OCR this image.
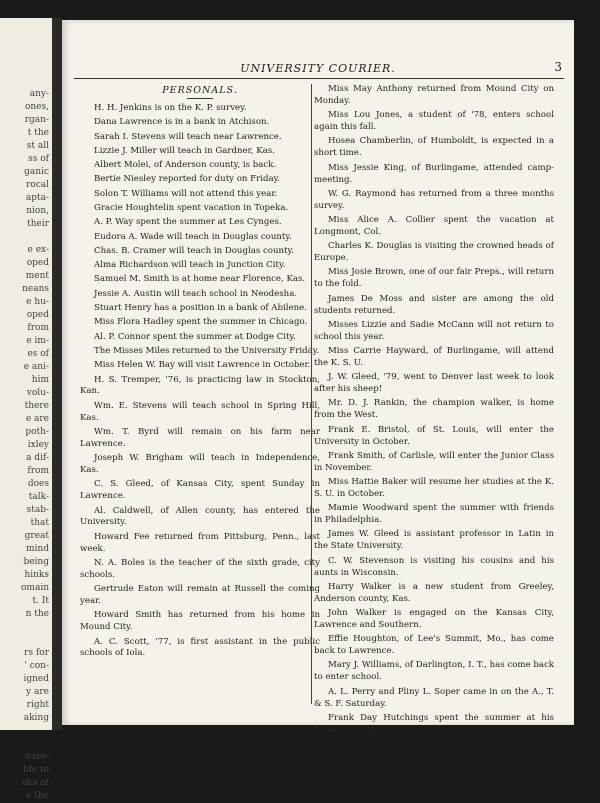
any-
ones,
rgan-
t the
st all
ss of
ganic
rocal
apta-
nion,
their

e ex-
oped
ment
neans
e hu-
oped
from
e im-
es of
e ani-
him
volu-
there
e are
poth-
ixley
a dif-
from
does
talk-
stab-
that
great
mind
being
hinks
omain
t. It
n the

rs for
' con-
igned
y are
right
aking

care-
ble to
eks of
e the
UNIVERSITY COURIER.	3
PERSONALS.
H. H. Jenkins is on the K. P. survey.
Dana Lawrence is in a bank in Atchison.
Sarah I. Stevens will teach near Lawrence.
Lizzie J. Miller will teach in Gardner, Kas.
Albert Molei, of Anderson county, is back.
Bertie Niesley reported for duty on Friday.
Solon T. Williams will not attend this year.
Gracie Houghtelin spent vacation in Topeka.
A. P. Way spent the summer at Les Cynges.
Eudora A. Wade will teach in Douglas county.
Chas. B. Cramer will teach in Douglas county.
Alma Richardson will teach in Junction City.
Samuel M. Smith is at home near Florence, Kas.
Jessie A. Austin will teach school in Neodesha.
Stuart Henry has a position in a bank of Abilene.
Miss Flora Hadley spent the summer in Chicago.
Al. P. Connor spent the summer at Dodge City.
The Misses Miles returned to the University Friday.
Miss Helen W. Bay will visit Lawrence in October.
H. S. Tremper, '76, is practicing law in Stockton, Kan.
Wm. E. Stevens will teach school in Spring Hill, Kas.
Wm. T. Byrd will remain on his farm near Lawrence.
Joseph W. Brigham will teach in Independence, Kas.
C. S. Gleed, of Kansas City, spent Sunday in Lawrence.
Al. Caldwell, of Allen county, has entered the University.
Howard Fee returned from Pittsburg, Penn., last week.
N. A. Boles is the teacher of the sixth grade, city schools.
Gertrude Eaton will remain at Russell the coming year.
Howard Smith has returned from his home in Mound City.
A. C. Scott, '77, is first assistant in the public schools of Iola.
Miss May Anthony returned from Mound City on Monday.
Miss Lou Jones, a student of '78, enters school again this fall.
Hosea Chamberlin, of Humboldt, is expected in a short time.
Miss Jessie King, of Burlingame, attended camp-meeting.
W. G. Raymond has returned from a three months survey.
Miss Alice A. Collier spent the vacation at Longmont, Col.
Charles K. Douglas is visiting the crowned heads of Europe.
Miss Josie Brown, one of our fair Preps., will return to the fold.
James De Moss and sister are among the old students returned.
Misses Lizzie and Sadie McCann will not return to school this year.
Miss Carrie Hayward, of Burlingame, will attend the K. S. U.
J. W. Gleed, '79, went to Denver last week to look after his sheep!
Mr. D. J. Rankin, the champion walker, is home from the West.
Frank E. Bristol, of St. Louis, will enter the University in October.
Frank Smith, of Carlisle, will enter the Junior Class in November.
Miss Hattie Baker will resume her studies at the K. S. U. in October.
Mamie Woodward spent the summer with friends in Philadelphia.
James W. Gleed is assistant professor in Latin in the State University.
C. W. Stevenson is visiting his cousins and his aunts in Wisconsin.
Harry Walker is a new student from Greeley, Anderson county, Kas.
John Walker is engaged on the Kansas City, Lawrence and Southern.
Effie Houghton, of Lee's Summit, Mo., has come back to Lawrence.
Mary J. Williams, of Darlington, I. T., has come back to enter school.
A. L. Perry and Pliny L. Soper came in on the A., T. & S. F. Saturday.
Frank Day Hutchings spent the summer at his home in Osage Mission, Kan.
